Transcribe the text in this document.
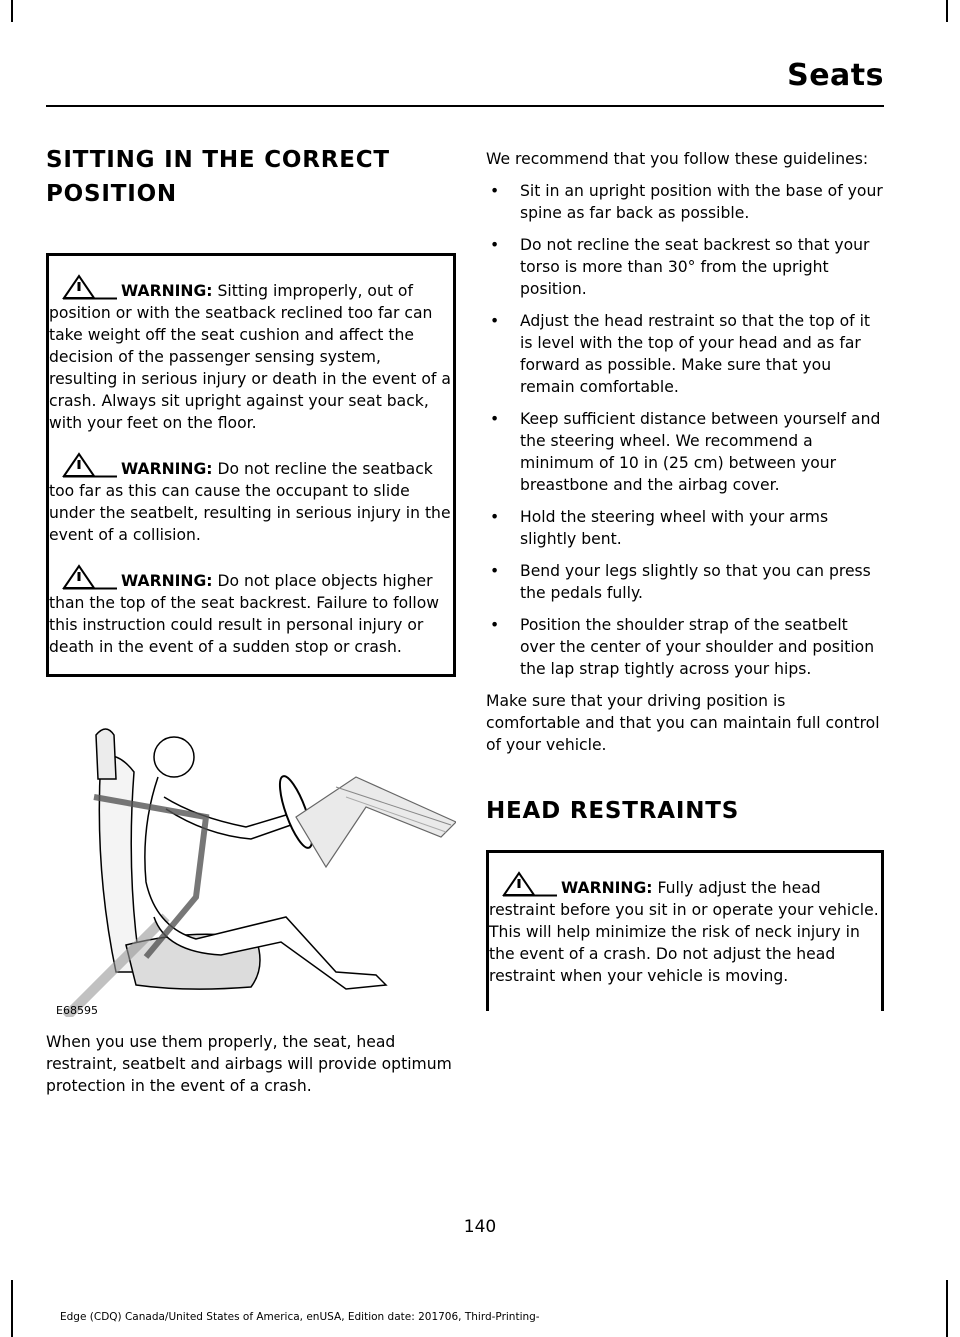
Seats
SITTING IN THE CORRECT POSITION

WARNING: Sitting improperly, out of position or with the seatback reclined too far can take weight off the seat cushion and affect the decision of the passenger sensing system, resulting in serious injury or death in the event of a crash. Always sit upright against your seat back, with your feet on the floor.

WARNING: Do not recline the seatback too far as this can cause the occupant to slide under the seatbelt, resulting in serious injury in the event of a collision.

WARNING: Do not place objects higher than the top of the seat backrest. Failure to follow this instruction could result in personal injury or death in the event of a sudden stop or crash.

E68595

When you use them properly, the seat, head restraint, seatbelt and airbags will provide optimum protection in the event of a crash.

We recommend that you follow these guidelines:

• Sit in an upright position with the base of your spine as far back as possible.
• Do not recline the seat backrest so that your torso is more than 30° from the upright position.
• Adjust the head restraint so that the top of it is level with the top of your head and as far forward as possible. Make sure that you remain comfortable.
• Keep sufficient distance between yourself and the steering wheel. We recommend a minimum of 10 in (25 cm) between your breastbone and the airbag cover.
• Hold the steering wheel with your arms slightly bent.
• Bend your legs slightly so that you can press the pedals fully.
• Position the shoulder strap of the seatbelt over the center of your shoulder and position the lap strap tightly across your hips.

Make sure that your driving position is comfortable and that you can maintain full control of your vehicle.

HEAD RESTRAINTS

WARNING: Fully adjust the head restraint before you sit in or operate your vehicle. This will help minimize the risk of neck injury in the event of a crash. Do not adjust the head restraint when your vehicle is moving.

140
Edge (CDQ) Canada/United States of America, enUSA, Edition date: 201706, Third-Printing-
